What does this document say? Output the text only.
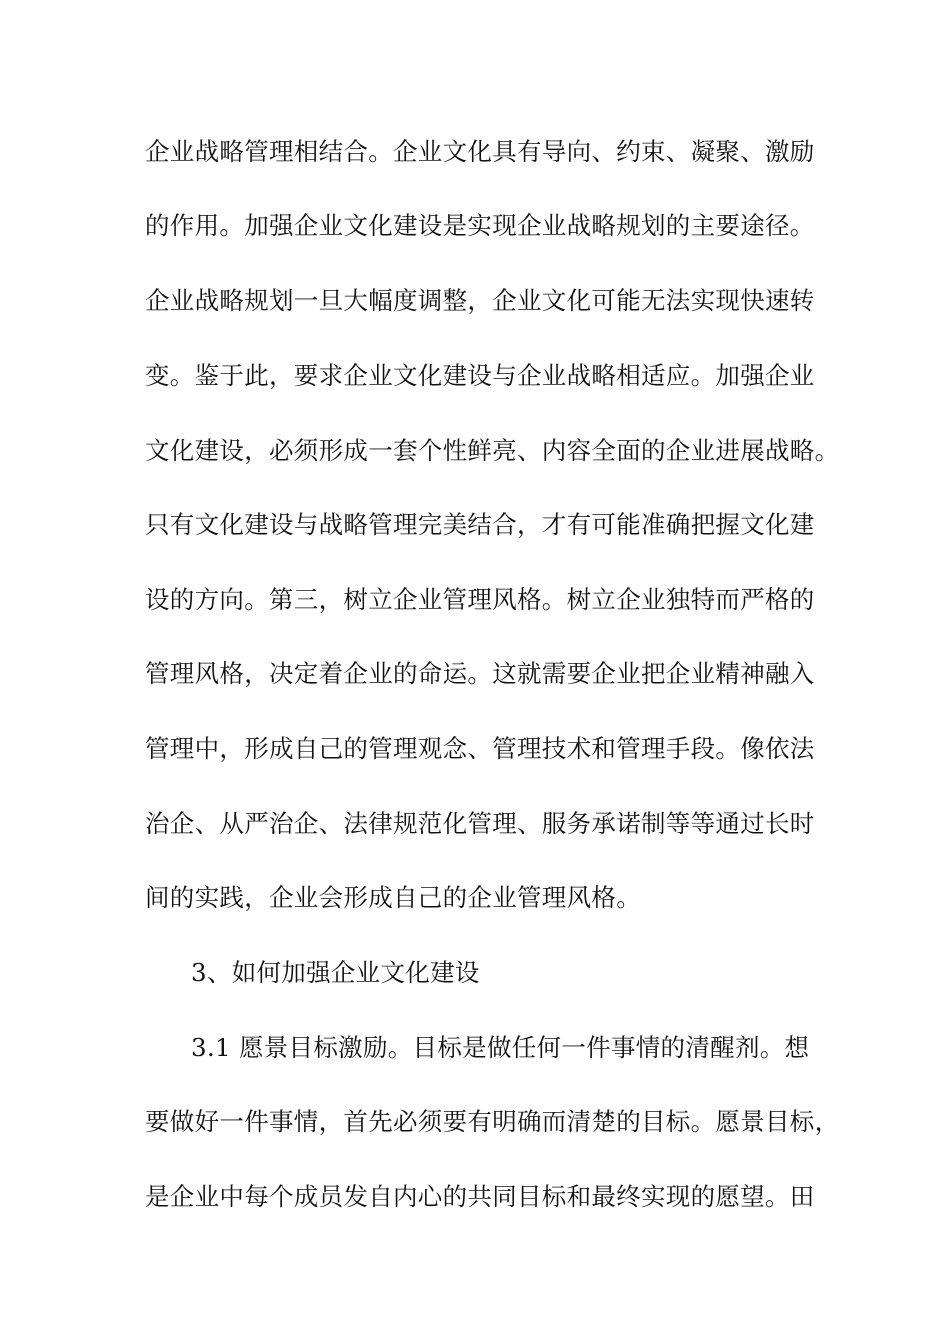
企业战略管理相结合。企业文化具有导向、约束、凝聚、激励
的作用。加强企业文化建设是实现企业战略规划的主要途径。
企业战略规划一旦大幅度调整，企业文化可能无法实现快速转
变。鉴于此，要求企业文化建设与企业战略相适应。加强企业
文化建设，必须形成一套个性鲜亮、内容全面的企业进展战略。
只有文化建设与战略管理完美结合，才有可能准确把握文化建
设的方向。第三，树立企业管理风格。树立企业独特而严格的
管理风格，决定着企业的命运。这就需要企业把企业精神融入
管理中，形成自己的管理观念、管理技术和管理手段。像依法
治企、从严治企、法律规范化管理、服务承诺制等等通过长时
间的实践，企业会形成自己的企业管理风格。
3、如何加强企业文化建设
3.1 愿景目标激励。目标是做任何一件事情的清醒剂。想
要做好一件事情，首先必须要有明确而清楚的目标。愿景目标，
是企业中每个成员发自内心的共同目标和最终实现的愿望。田
